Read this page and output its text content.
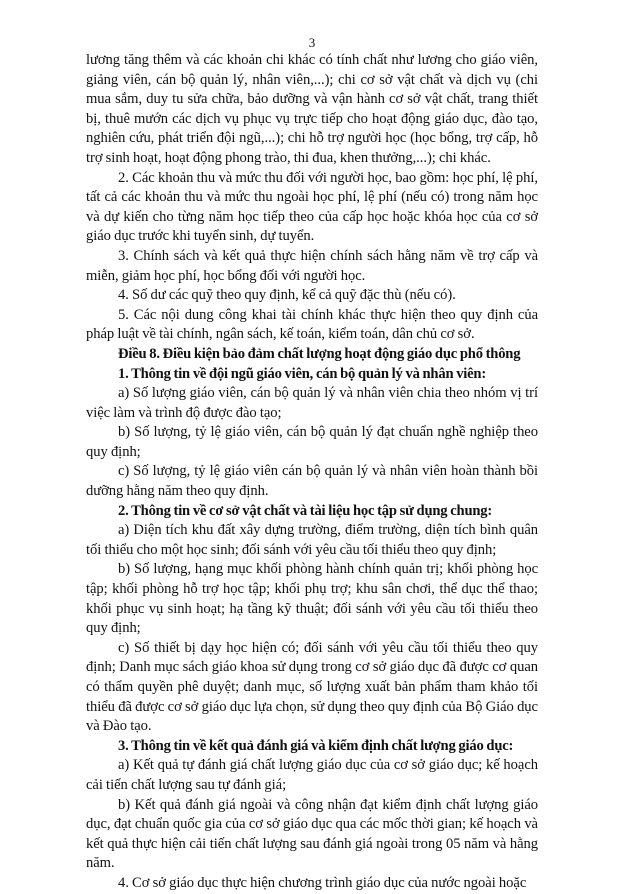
3

lương tăng thêm và các khoản chi khác có tính chất như lương cho giáo viên, giảng viên, cán bộ quản lý, nhân viên,...); chi cơ sở vật chất và dịch vụ (chi mua sắm, duy tu sửa chữa, bảo dưỡng và vận hành cơ sở vật chất, trang thiết bị, thuê mướn các dịch vụ phục vụ trực tiếp cho hoạt động giáo dục, đào tạo, nghiên cứu, phát triển đội ngũ,...); chi hỗ trợ người học (học bổng, trợ cấp, hỗ trợ sinh hoạt, hoạt động phong trào, thi đua, khen thưởng,...); chi khác.

2. Các khoản thu và mức thu đối với người học, bao gồm: học phí, lệ phí, tất cả các khoản thu và mức thu ngoài học phí, lệ phí (nếu có) trong năm học và dự kiến cho từng năm học tiếp theo của cấp học hoặc khóa học của cơ sở giáo dục trước khi tuyển sinh, dự tuyển.

3. Chính sách và kết quả thực hiện chính sách hằng năm về trợ cấp và miễn, giảm học phí, học bổng đối với người học.

4. Số dư các quỹ theo quy định, kể cả quỹ đặc thù (nếu có).

5. Các nội dung công khai tài chính khác thực hiện theo quy định của pháp luật về tài chính, ngân sách, kế toán, kiểm toán, dân chủ cơ sở.

Điều 8. Điều kiện bảo đảm chất lượng hoạt động giáo dục phổ thông

1. Thông tin về đội ngũ giáo viên, cán bộ quản lý và nhân viên:

a) Số lượng giáo viên, cán bộ quản lý và nhân viên chia theo nhóm vị trí việc làm và trình độ được đào tạo;

b) Số lượng, tỷ lệ giáo viên, cán bộ quản lý đạt chuẩn nghề nghiệp theo quy định;

c) Số lượng, tỷ lệ giáo viên cán bộ quản lý và nhân viên hoàn thành bồi dưỡng hằng năm theo quy định.

2. Thông tin về cơ sở vật chất và tài liệu học tập sử dụng chung:

a) Diện tích khu đất xây dựng trường, điểm trường, diện tích bình quân tối thiểu cho một học sinh; đối sánh với yêu cầu tối thiểu theo quy định;

b) Số lượng, hạng mục khối phòng hành chính quản trị; khối phòng học tập; khối phòng hỗ trợ học tập; khối phụ trợ; khu sân chơi, thể dục thể thao; khối phục vụ sinh hoạt; hạ tầng kỹ thuật; đối sánh với yêu cầu tối thiểu theo quy định;

c) Số thiết bị dạy học hiện có; đối sánh với yêu cầu tối thiểu theo quy định; Danh mục sách giáo khoa sử dụng trong cơ sở giáo dục đã được cơ quan có thẩm quyền phê duyệt; danh mục, số lượng xuất bản phẩm tham khảo tối thiểu đã được cơ sở giáo dục lựa chọn, sử dụng theo quy định của Bộ Giáo dục và Đào tạo.

3. Thông tin về kết quả đánh giá và kiểm định chất lượng giáo dục:

a) Kết quả tự đánh giá chất lượng giáo dục của cơ sở giáo dục; kế hoạch cải tiến chất lượng sau tự đánh giá;

b) Kết quả đánh giá ngoài và công nhận đạt kiểm định chất lượng giáo dục, đạt chuẩn quốc gia của cơ sở giáo dục qua các mốc thời gian; kế hoạch và kết quả thực hiện cải tiến chất lượng sau đánh giá ngoài trong 05 năm và hằng năm.

4. Cơ sở giáo dục thực hiện chương trình giáo dục của nước ngoài hoặc
